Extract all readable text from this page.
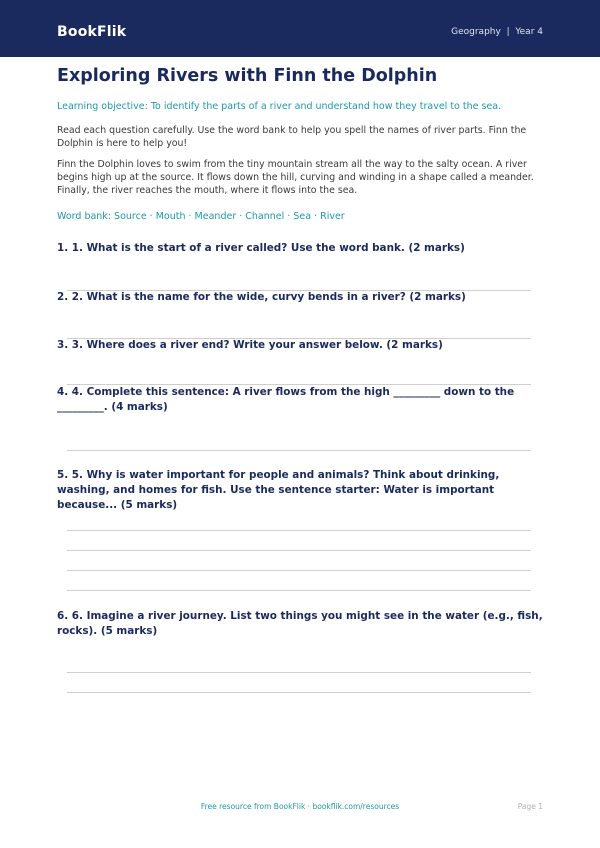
BookFlik	Geography | Year 4
Exploring Rivers with Finn the Dolphin
Learning objective: To identify the parts of a river and understand how they travel to the sea.
Read each question carefully. Use the word bank to help you spell the names of river parts. Finn the Dolphin is here to help you!
Finn the Dolphin loves to swim from the tiny mountain stream all the way to the salty ocean. A river begins high up at the source. It flows down the hill, curving and winding in a shape called a meander. Finally, the river reaches the mouth, where it flows into the sea.
Word bank: Source · Mouth · Meander · Channel · Sea · River
1. 1. What is the start of a river called? Use the word bank. (2 marks)
2. 2. What is the name for the wide, curvy bends in a river? (2 marks)
3. 3. Where does a river end? Write your answer below. (2 marks)
4. 4. Complete this sentence: A river flows from the high _________ down to the _________. (4 marks)
5. 5. Why is water important for people and animals? Think about drinking, washing, and homes for fish. Use the sentence starter: Water is important because... (5 marks)
6. 6. Imagine a river journey. List two things you might see in the water (e.g., fish, rocks). (5 marks)
Free resource from BookFlik · bookflik.com/resources	Page 1
